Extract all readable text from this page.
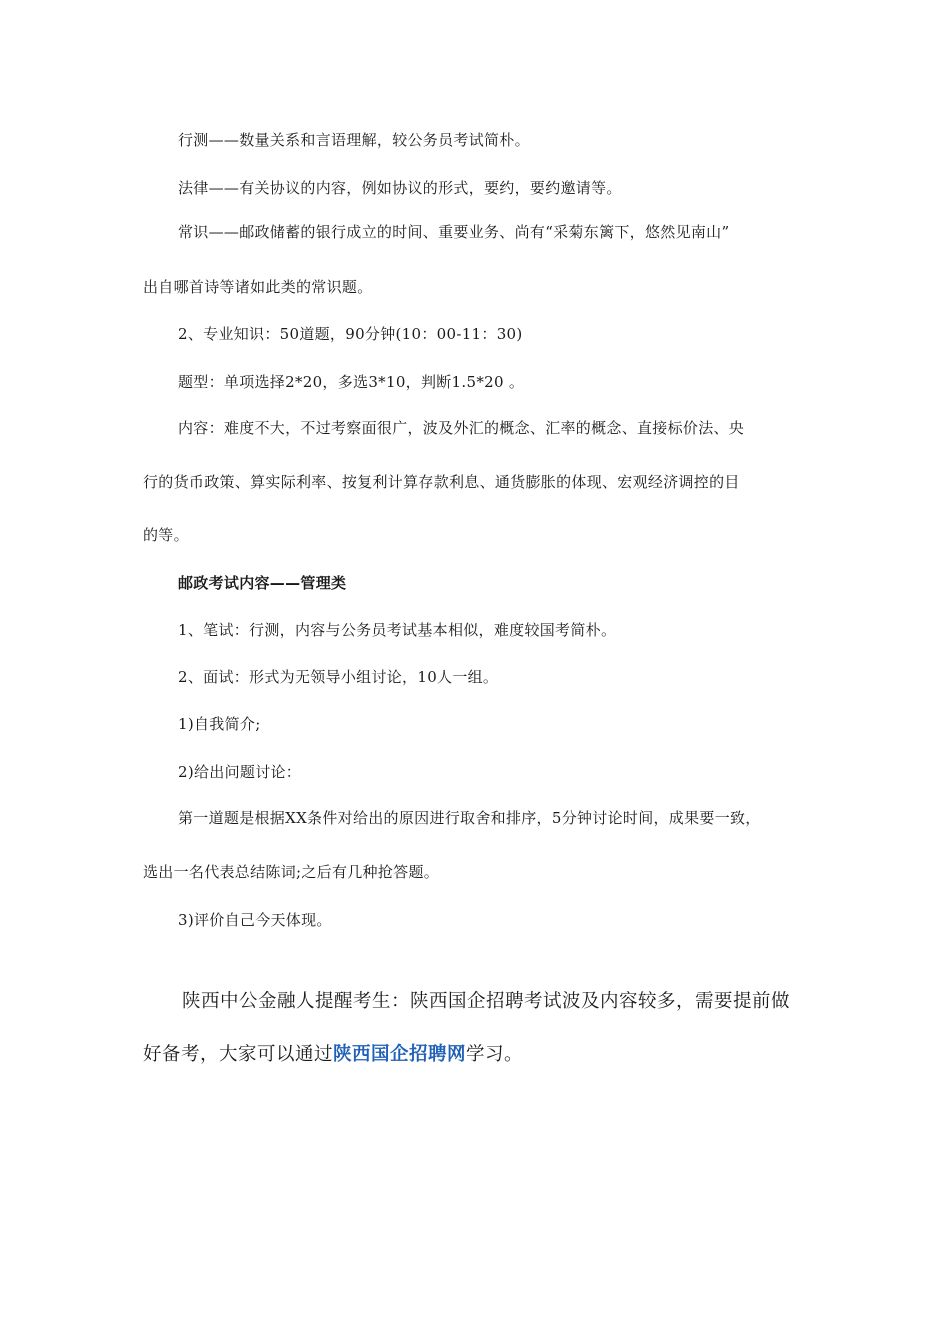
行测——数量关系和言语理解，较公务员考试简朴。
法律——有关协议的内容，例如协议的形式，要约，要约邀请等。
常识——邮政储蓄的银行成立的时间、重要业务、尚有“采菊东篱下，悠然见南山”
出自哪首诗等诸如此类的常识题。
2、专业知识：50道题，90分钟(10：00-11：30)
题型：单项选择2*20，多选3*10，判断1.5*20 。
内容：难度不大，不过考察面很广，波及外汇的概念、汇率的概念、直接标价法、央
行的货币政策、算实际利率、按复利计算存款利息、通货膨胀的体现、宏观经济调控的目
的等。
邮政考试内容——管理类
1、笔试：行测，内容与公务员考试基本相似，难度较国考简朴。
2、面试：形式为无领导小组讨论，10人一组。
1)自我简介;
2)给出问题讨论：
第一道题是根据XX条件对给出的原因进行取舍和排序，5分钟讨论时间，成果要一致，
选出一名代表总结陈词;之后有几种抢答题。
3)评价自己今天体现。
陕西中公金融人提醒考生：陕西国企招聘考试波及内容较多，需要提前做
好备考，大家可以通过陕西国企招聘网学习。
